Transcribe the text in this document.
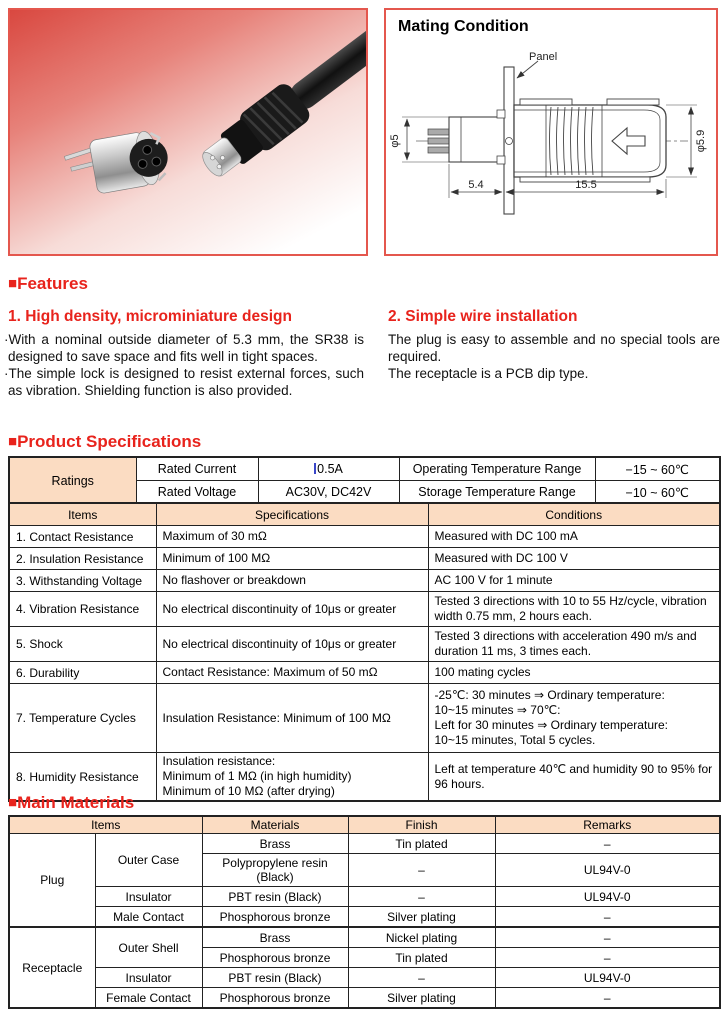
Mating Condition
Panel
φ5	φ5.9
5.4	15.5
■Features
1. High density, microminiature design

·With a nominal outside diameter of 5.3 mm, the SR38 is designed to save space and fits well in tight spaces.

·The simple lock is designed to resist external forces, such as vibration. Shielding function is also provided.

2. Simple wire installation

The plug is easy to assemble and no special tools are required.

The receptacle is a PCB dip type.

■Product Specifications
Ratings	Rated Current	0.5A	Operating Temperature Range	−15 ~ 60℃
	Rated Voltage	AC30V, DC42V	Storage Temperature Range	−10 ~ 60℃
Items	Specifications	Conditions
1. Contact Resistance	Maximum of 30 mΩ	Measured with DC 100 mA
2. Insulation Resistance	Minimum of 100 MΩ	Measured with DC 100 V
3. Withstanding Voltage	No flashover or breakdown	AC 100 V for 1 minute
4. Vibration Resistance	No electrical discontinuity of 10μs or greater	Tested 3 directions with 10 to 55 Hz/cycle, vibration width 0.75 mm, 2 hours each.
5. Shock	No electrical discontinuity of 10μs or greater	Tested 3 directions with acceleration 490 m/s and duration 11 ms, 3 times each.
6. Durability	Contact Resistance: Maximum of 50 mΩ	100 mating cycles
7. Temperature Cycles	Insulation Resistance: Minimum of 100 MΩ	-25℃: 30 minutes ⇒ Ordinary temperature:
10~15 minutes ⇒ 70℃:
Left for 30 minutes ⇒ Ordinary temperature:
10~15 minutes, Total 5 cycles.

8. Humidity Resistance	Insulation resistance:
Minimum of 1 MΩ (in high humidity)
Minimum of 10 MΩ (after drying)	Left at temperature 40℃ and humidity 90 to 95% for 96 hours.
■Main Materials
Items		Materials	Finish	Remarks
Plug	Outer Case	Brass	Tin plated	–

		Polypropylene resin
(Black)	–	UL94V-0
	Insulator	PBT resin (Black)	–	UL94V-0
	Male Contact	Phosphorous bronze	Silver plating	–
Receptacle	Outer Shell	Brass	Nickel plating	–
		Phosphorous bronze	Tin plated	–
	Insulator	PBT resin (Black)	–	UL94V-0
	Female Contact	Phosphorous bronze	Silver plating	–
